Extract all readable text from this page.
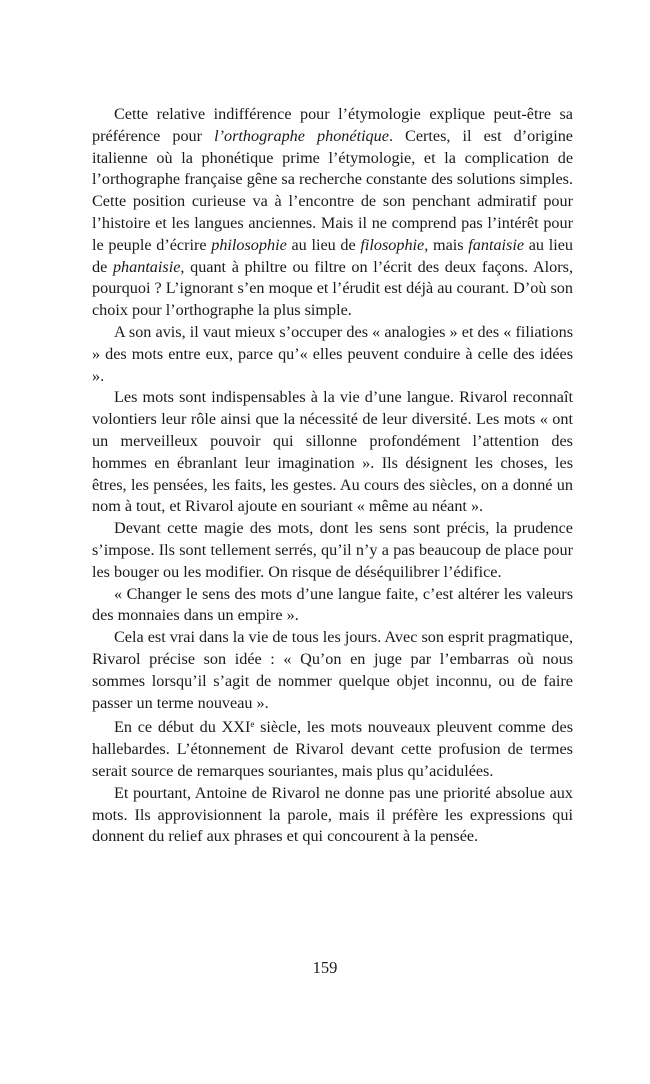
Cette relative indifférence pour l’étymologie explique peut-être sa préférence pour l’orthographe phonétique. Certes, il est d’origine italienne où la phonétique prime l’étymologie, et la complication de l’orthographe française gêne sa recherche constante des solutions simples. Cette position curieuse va à l’encontre de son penchant admiratif pour l’histoire et les langues anciennes. Mais il ne comprend pas l’intérêt pour le peuple d’écrire philosophie au lieu de filosophie, mais fantaisie au lieu de phantaisie, quant à philtre ou filtre on l’écrit des deux façons. Alors, pourquoi ? L’ignorant s’en moque et l’érudit est déjà au courant. D’où son choix pour l’orthographe la plus simple.

A son avis, il vaut mieux s’occuper des « analogies » et des « filiations » des mots entre eux, parce qu’« elles peuvent conduire à celle des idées ».

Les mots sont indispensables à la vie d’une langue. Rivarol reconnaît volontiers leur rôle ainsi que la nécessité de leur diversité. Les mots « ont un merveilleux pouvoir qui sillonne profondément l’attention des hommes en ébranlant leur imagination ». Ils désignent les choses, les êtres, les pensées, les faits, les gestes. Au cours des siècles, on a donné un nom à tout, et Rivarol ajoute en souriant « même au néant ».

Devant cette magie des mots, dont les sens sont précis, la prudence s’impose. Ils sont tellement serrés, qu’il n’y a pas beaucoup de place pour les bouger ou les modifier. On risque de déséquilibrer l’édifice.

« Changer le sens des mots d’une langue faite, c’est altérer les valeurs des monnaies dans un empire ».

Cela est vrai dans la vie de tous les jours. Avec son esprit pragmatique, Rivarol précise son idée : « Qu’on en juge par l’embarras où nous sommes lorsqu’il s’agit de nommer quelque objet inconnu, ou de faire passer un terme nouveau ».

En ce début du XXIe siècle, les mots nouveaux pleuvent comme des hallebardes. L’étonnement de Rivarol devant cette profusion de termes serait source de remarques souriantes, mais plus qu’acidulées.

Et pourtant, Antoine de Rivarol ne donne pas une priorité absolue aux mots. Ils approvisionnent la parole, mais il préfère les expressions qui donnent du relief aux phrases et qui concourent à la pensée.

159
